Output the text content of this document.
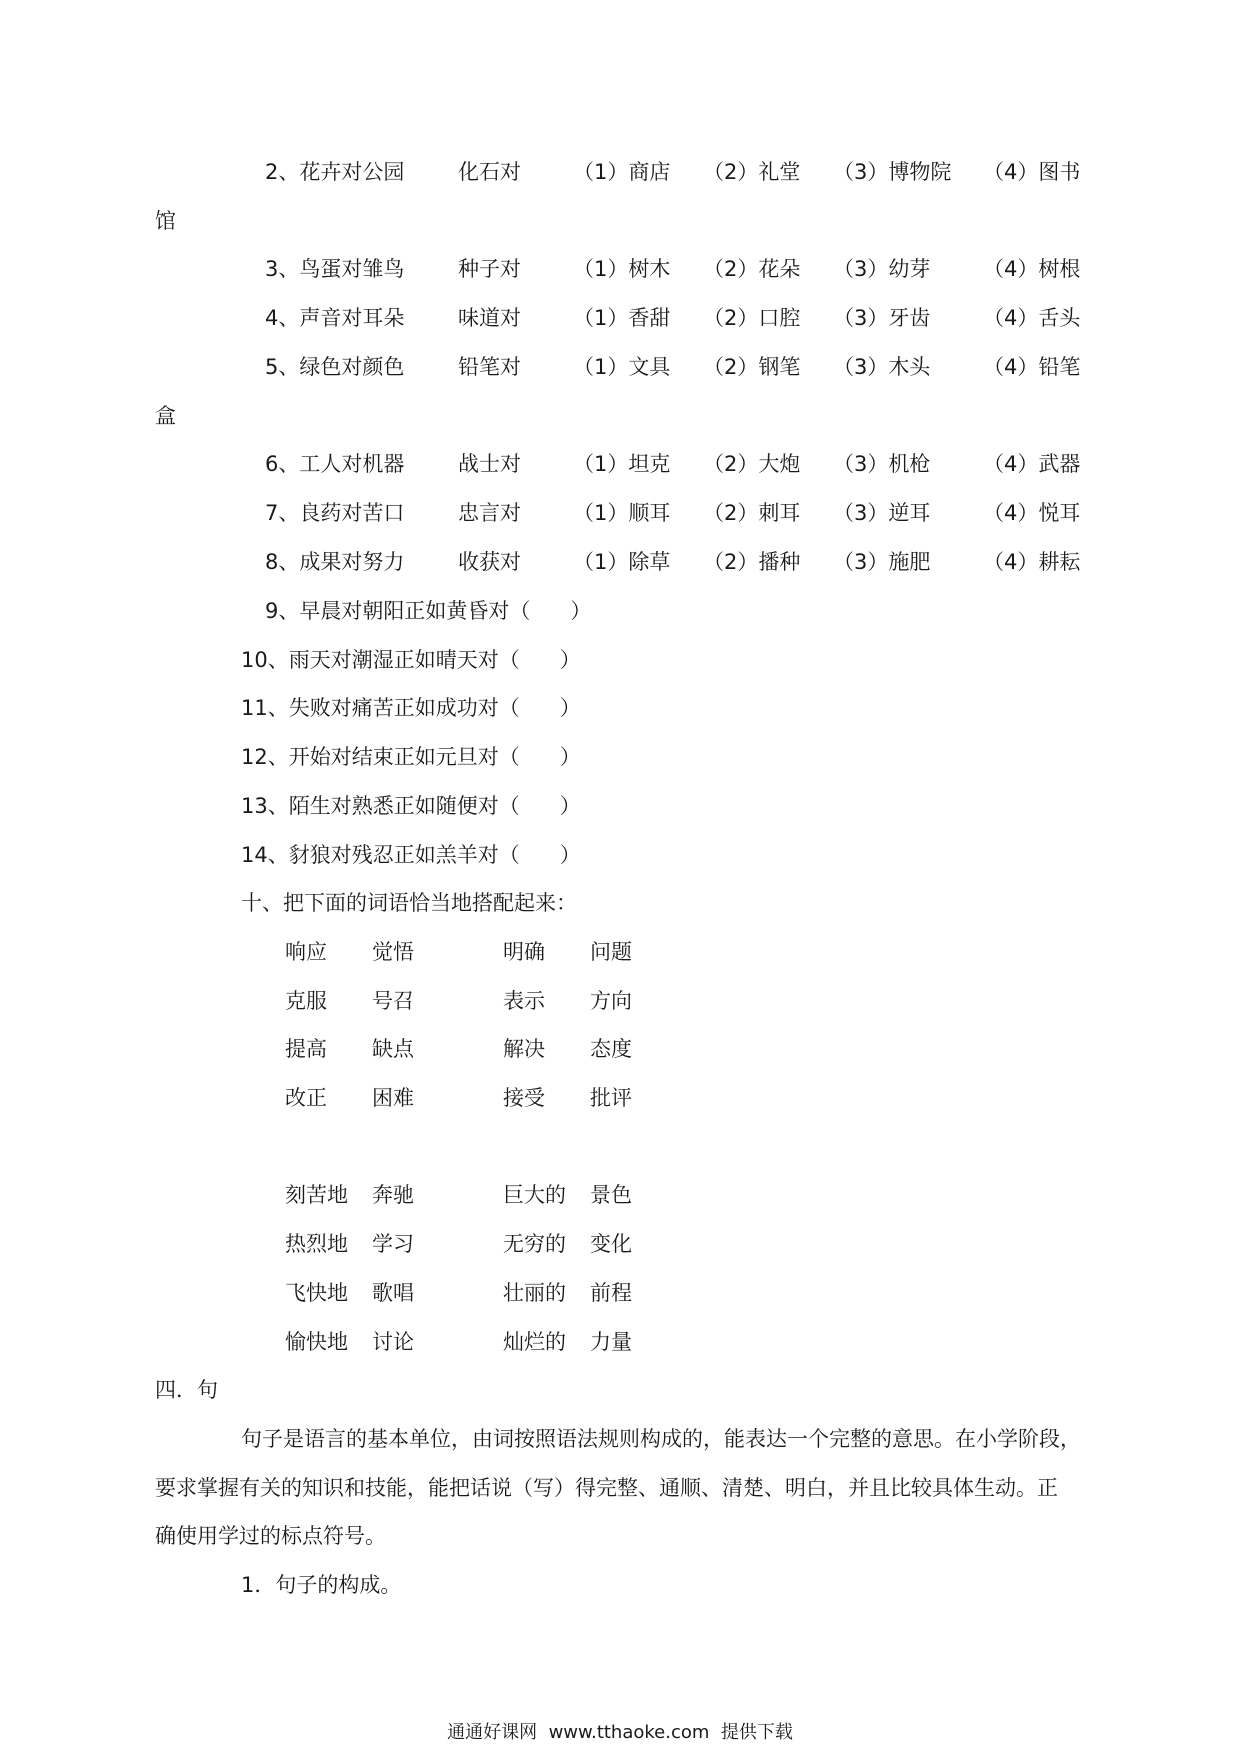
2、花卉对公园	化石对 （1）商店 （2）礼堂 （3）博物院 （4）图书
馆
3、鸟蛋对雏鸟	种子对 （1）树木 （2）花朵 （3）幼芽	（4）树根
4、声音对耳朵	味道对 （1）香甜 （2）口腔 （3）牙齿	（4）舌头
5、绿色对颜色	铅笔对 （1）文具 （2）钢笔 （3）木头	（4）铅笔
盒
6、工人对机器	战士对 （1）坦克 （2）大炮 （3）机枪	（4）武器
7、良药对苦口	忠言对 （1）顺耳 （2）刺耳 （3）逆耳	（4）悦耳
8、成果对努力	收获对 （1）除草 （2）播种 （3）施肥	（4）耕耘
9、早晨对朝阳正如黄昏对（      ）
10、雨天对潮湿正如晴天对（      ）
11、失败对痛苦正如成功对（      ）
12、开始对结束正如元旦对（      ）
13、陌生对熟悉正如随便对（      ）
14、豺狼对残忍正如羔羊对（      ）
十、把下面的词语恰当地搭配起来：
响应 觉悟	明确 问题
克服 号召	表示 方向
提高 缺点	解决 态度
改正 困难	接受 批评
刻苦地 奔驰	巨大的 景色
热烈地 学习	无穷的 变化
飞快地 歌唱	壮丽的 前程
愉快地 讨论	灿烂的 力量
四．句
句子是语言的基本单位，由词按照语法规则构成的，能表达一个完整的意思。在小学阶段，
要求掌握有关的知识和技能，能把话说（写）得完整、通顺、清楚、明白，并且比较具体生动。正
确使用学过的标点符号。
1．句子的构成。
通通好课网  www.tthaoke.com  提供下载
